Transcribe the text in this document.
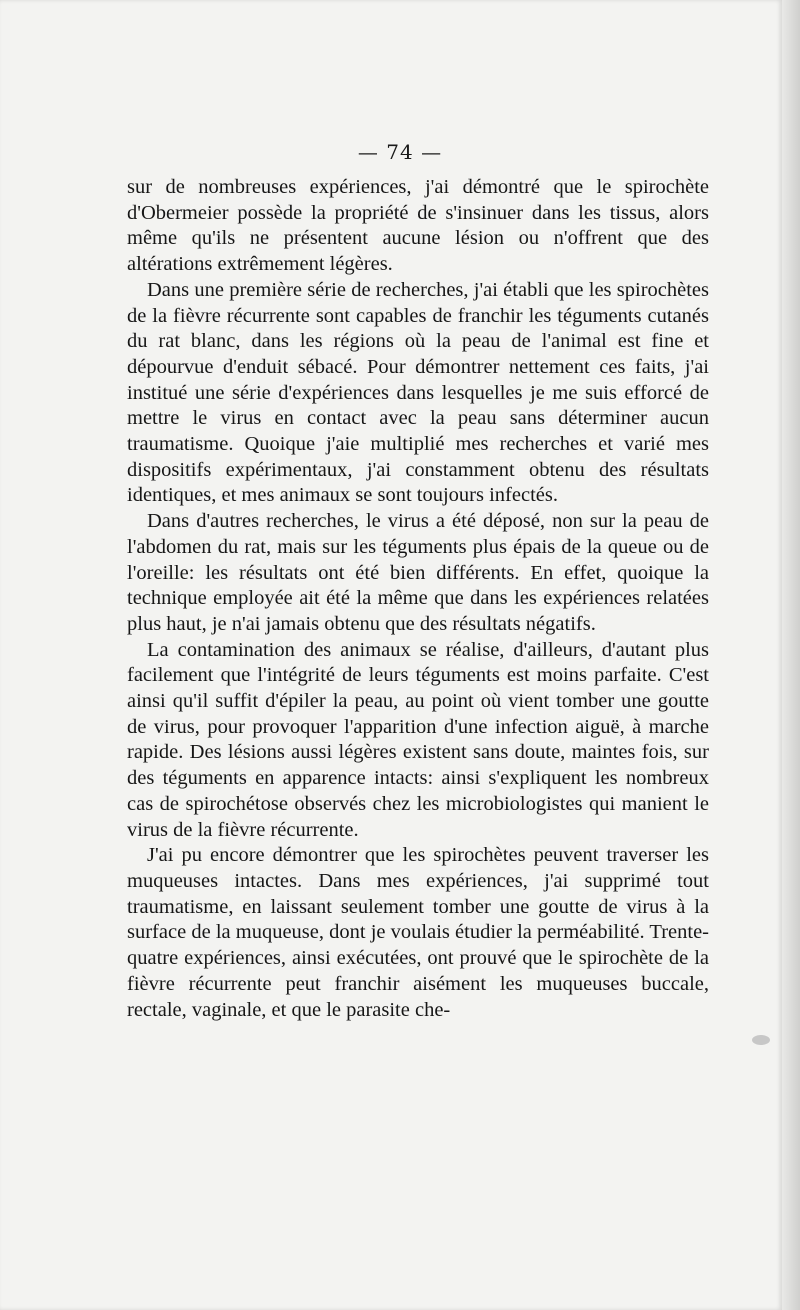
— 74 —

sur de nombreuses expériences, j'ai démontré que le spirochète d'Obermeier possède la propriété de s'insinuer dans les tissus, alors même qu'ils ne présentent aucune lésion ou n'offrent que des altérations extrêmement légères.

Dans une première série de recherches, j'ai établi que les spirochètes de la fièvre récurrente sont capables de franchir les téguments cutanés du rat blanc, dans les régions où la peau de l'animal est fine et dépourvue d'enduit sébacé. Pour démontrer nettement ces faits, j'ai institué une série d'expériences dans lesquelles je me suis efforcé de mettre le virus en contact avec la peau sans déterminer aucun traumatisme. Quoique j'aie multiplié mes recherches et varié mes dispositifs expérimentaux, j'ai constamment obtenu des résultats identiques, et mes animaux se sont toujours infectés.

Dans d'autres recherches, le virus a été déposé, non sur la peau de l'abdomen du rat, mais sur les téguments plus épais de la queue ou de l'oreille: les résultats ont été bien différents. En effet, quoique la technique employée ait été la même que dans les expériences relatées plus haut, je n'ai jamais obtenu que des résultats négatifs.

La contamination des animaux se réalise, d'ailleurs, d'autant plus facilement que l'intégrité de leurs téguments est moins parfaite. C'est ainsi qu'il suffit d'épiler la peau, au point où vient tomber une goutte de virus, pour provoquer l'apparition d'une infection aiguë, à marche rapide. Des lésions aussi légères existent sans doute, maintes fois, sur des téguments en apparence intacts: ainsi s'expliquent les nombreux cas de spirochétose observés chez les microbiologistes qui manient le virus de la fièvre récurrente.

J'ai pu encore démontrer que les spirochètes peuvent traverser les muqueuses intactes. Dans mes expériences, j'ai supprimé tout traumatisme, en laissant seulement tomber une goutte de virus à la surface de la muqueuse, dont je voulais étudier la perméabilité. Trente-quatre expériences, ainsi exécutées, ont prouvé que le spirochète de la fièvre récurrente peut franchir aisément les muqueuses buccale, rectale, vaginale, et que le parasite che-
